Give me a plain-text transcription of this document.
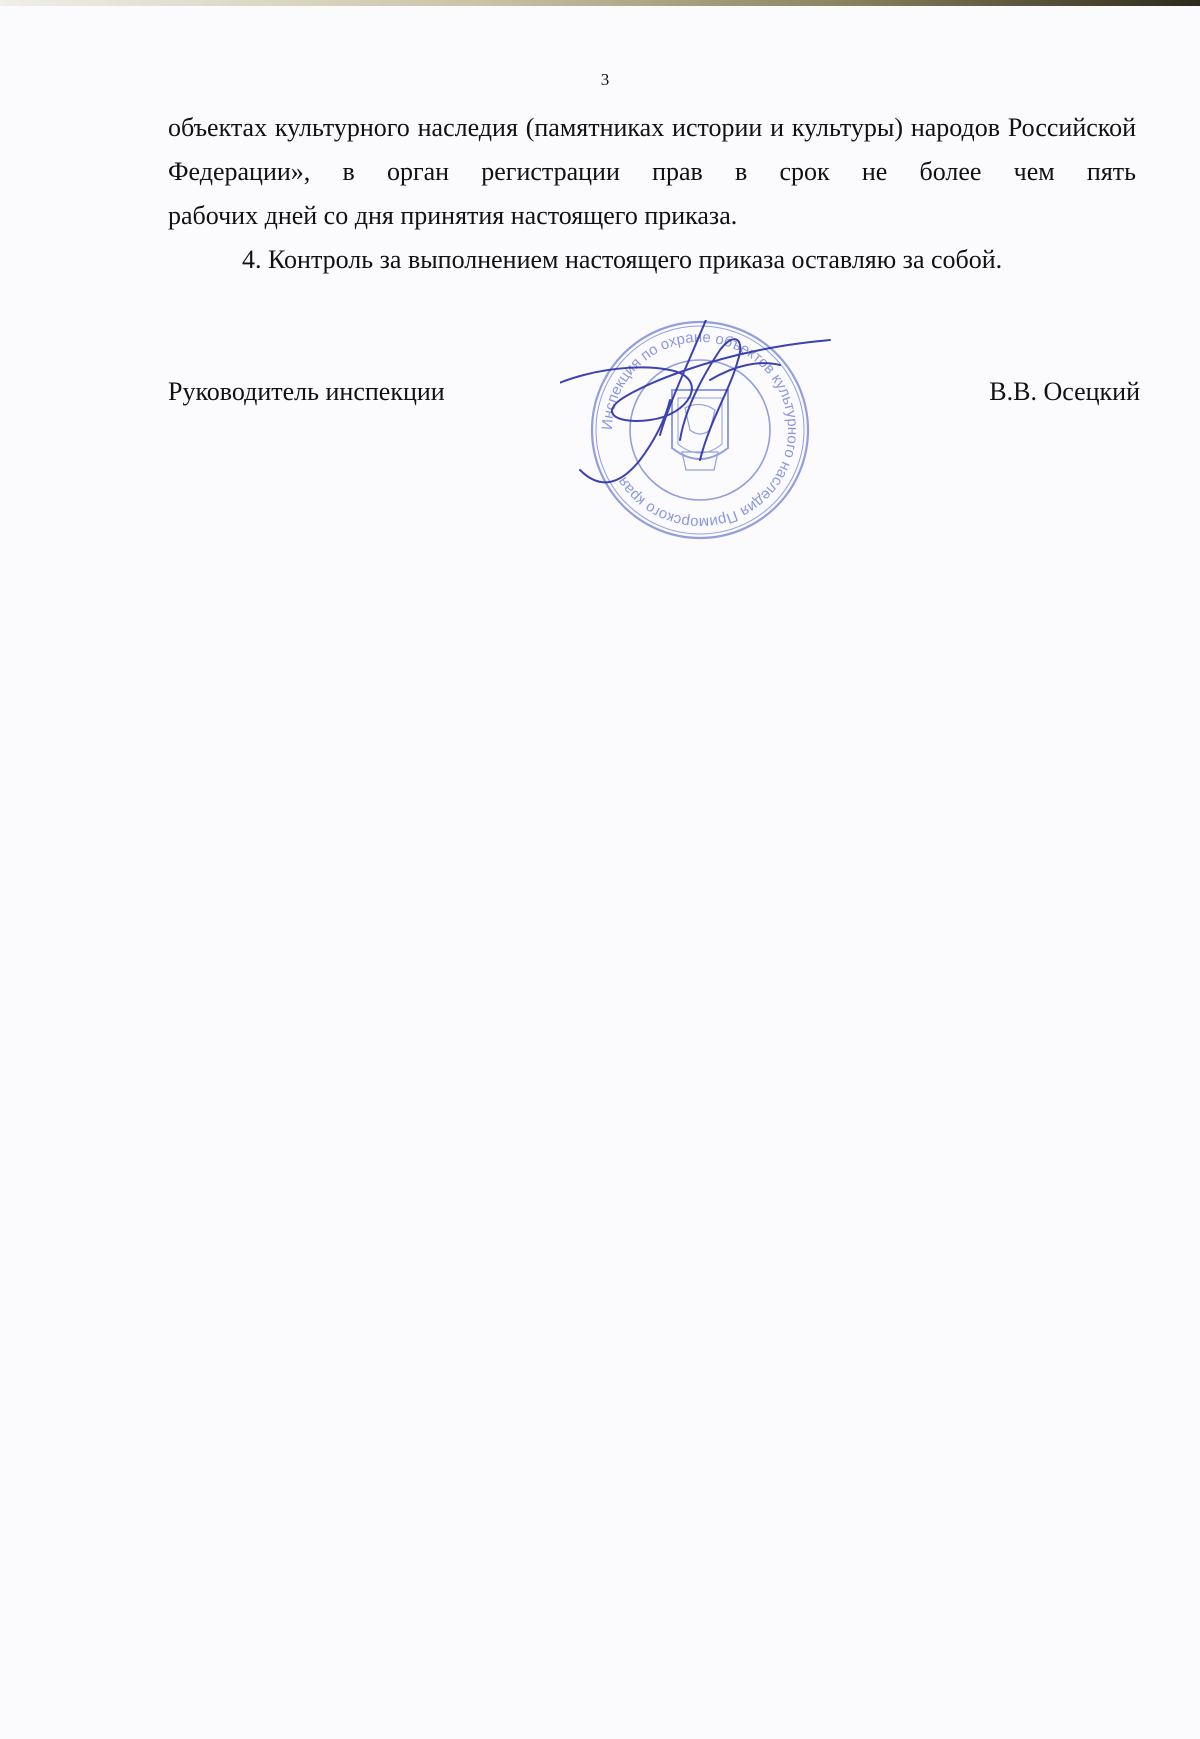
3

объектах культурного наследия (памятниках истории и культуры) народов Российской Федерации», в орган регистрации прав в срок не более чем пять

рабочих дней со дня принятия настоящего приказа.

4. Контроль за выполнением настоящего приказа оставляю за собой.

Руководитель инспекции	В.В. Осецкий
Инспекция по охране объектов культурного наследия Приморского края
